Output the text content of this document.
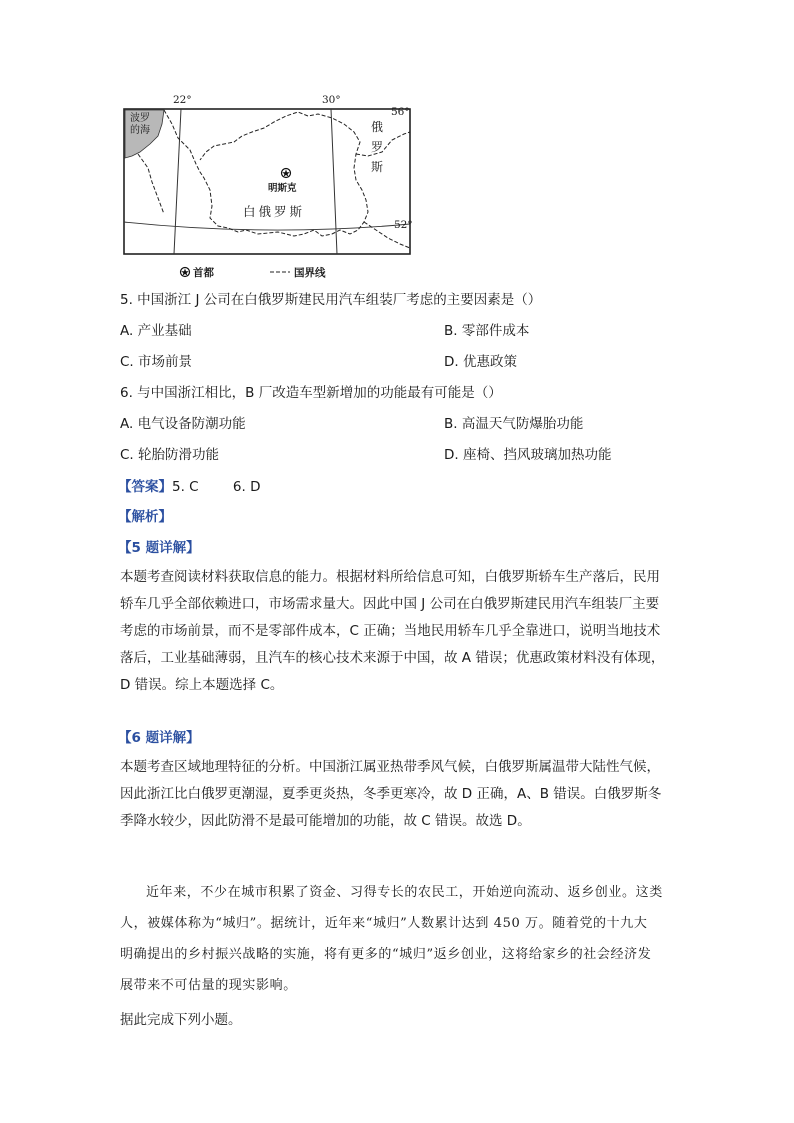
22°	30°
56°
52°
波罗
的海	俄
罗
斯
明斯克
白俄罗斯
首都	国界线
5. 中国浙江 J 公司在白俄罗斯建民用汽车组装厂考虑的主要因素是（）
A. 产业基础	B. 零部件成本
C. 市场前景	D. 优惠政策
6. 与中国浙江相比，B 厂改造车型新增加的功能最有可能是（）
A. 电气设备防潮功能	B. 高温天气防爆胎功能
C. 轮胎防滑功能	D. 座椅、挡风玻璃加热功能
【答案】5. C        6. D
【解析】
【5 题详解】
本题考查阅读材料获取信息的能力。根据材料所给信息可知，白俄罗斯轿车生产落后，民用
轿车几乎全部依赖进口，市场需求量大。因此中国 J 公司在白俄罗斯建民用汽车组装厂主要
考虑的市场前景，而不是零部件成本，C 正确；当地民用轿车几乎全靠进口，说明当地技术
落后，工业基础薄弱，且汽车的核心技术来源于中国，故 A 错误；优惠政策材料没有体现，
D 错误。综上本题选择 C。
【6 题详解】
本题考查区域地理特征的分析。中国浙江属亚热带季风气候，白俄罗斯属温带大陆性气候，
因此浙江比白俄罗更潮湿，夏季更炎热，冬季更寒冷，故 D 正确，A、B 错误。白俄罗斯冬
季降水较少，因此防滑不是最可能增加的功能，故 C 错误。故选 D。
近年来，不少在城市积累了资金、习得专长的农民工，开始逆向流动、返乡创业。这类
人，被媒体称为“城归”。据统计，近年来“城归”人数累计达到 450 万。随着党的十九大
明确提出的乡村振兴战略的实施，将有更多的“城归”返乡创业，这将给家乡的社会经济发
展带来不可估量的现实影响。
据此完成下列小题。
